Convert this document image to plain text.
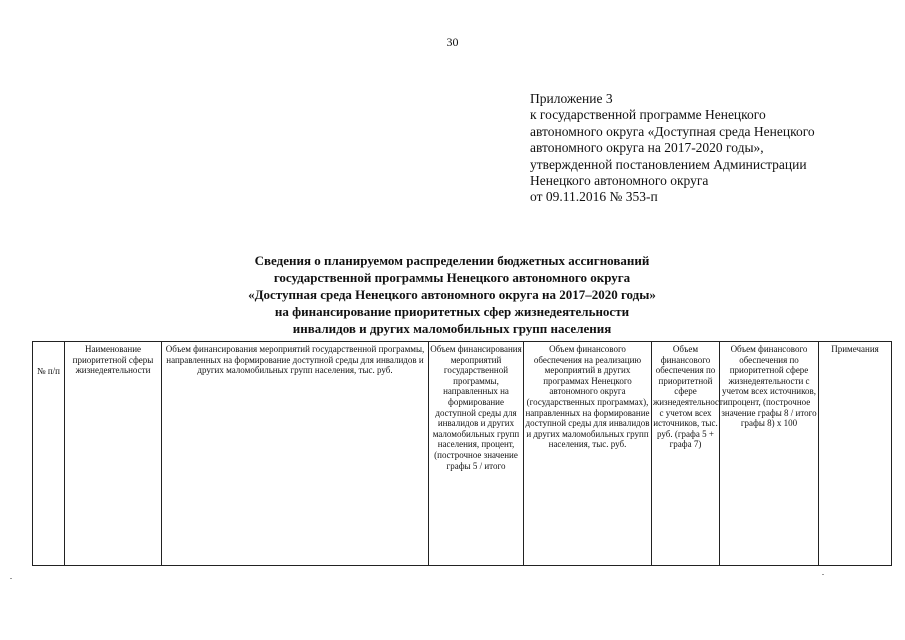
30
Приложение 3
к государственной программе Ненецкого
автономного округа «Доступная среда Ненецкого
автономного округа на 2017-2020 годы»,
утвержденной постановлением Администрации
Ненецкого автономного округа
от 09.11.2016 № 353-п
Сведения о планируемом распределении бюджетных ассигнований
государственной программы Ненецкого автономного округа
«Доступная среда Ненецкого автономного округа на 2017–2020 годы»
на финансирование приоритетных сфер жизнедеятельности
инвалидов и других маломобильных групп населения
№ п/п	Наименование приоритетной сферы жизнедеятельности	Объем финансирования мероприятий государственной программы, направленных на формирование доступной среды для инвалидов и других маломобильных групп населения, тыс. руб.	Объем финансирования мероприятий государственной программы, направленных на формирование доступной среды для инвалидов и других маломобильных групп населения, процент, (построчное значение графы 5 / итого	Объем финансового обеспечения на реализацию мероприятий в других программах Ненецкого автономного округа (государственных программах), направленных на формирование доступной среды для инвалидов и других маломобильных групп населения, тыс. руб.	Объем финансового обеспечения по приоритетной сфере жизнедеятельности с учетом всех источников, тыс. руб. (графа 5 + графа 7)	Объем финансового обеспечения по приоритетной сфере жизнедеятельности с учетом всех источников, процент, (построчное значение графы 8 / итого графы 8) х 100	Примечания
